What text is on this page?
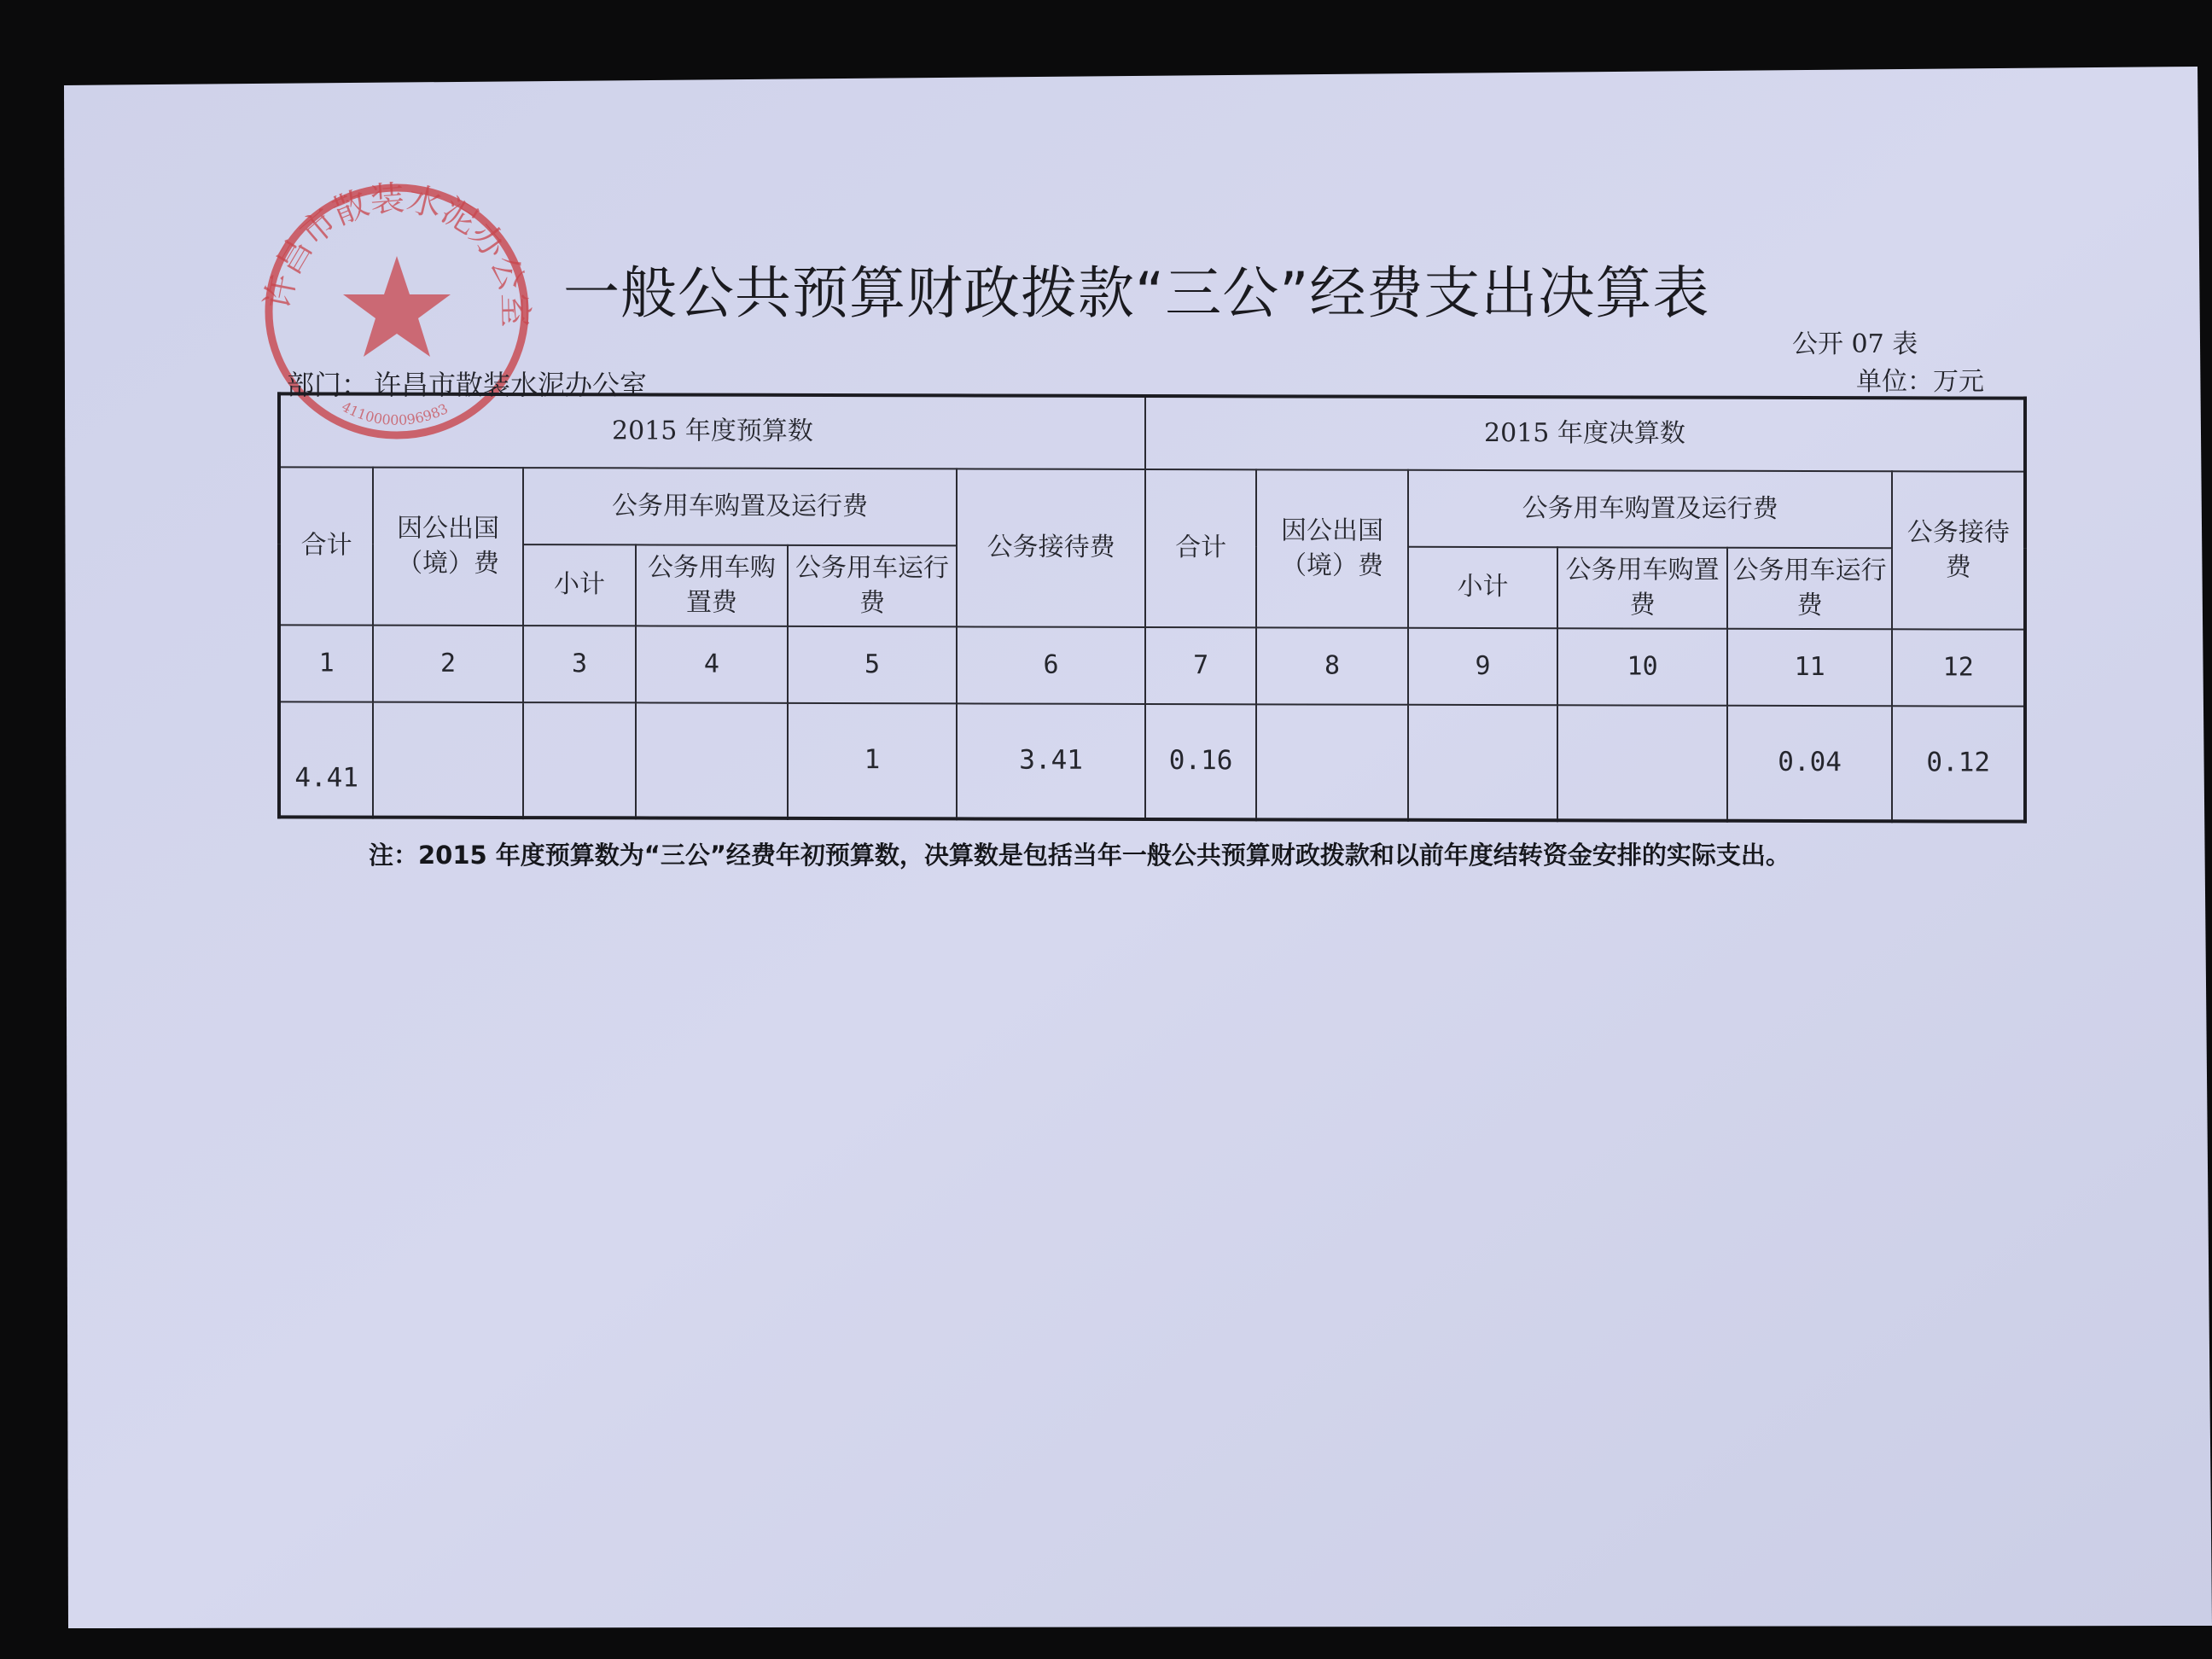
许昌市散装水泥办公室
4110000096983
一般公共预算财政拨款“三公”经费支出决算表
公开 07 表
单位：万元
部门： 许昌市散装水泥办公室
2015 年度预算数						2015 年度决算数					
合计	因公出国（境）费	公务用车购置及运行费			公务接待费	合计	因公出国（境）费	公务用车购置及运行费			公务接待费
		小计	公务用车购置费	公务用车运行费				小计	公务用车购置费	公务用车运行费	
1	2	3	4	5	6	7	8	9	10	11	12
4.41				1	3.41	0.16				0.04	0.12
注：2015 年度预算数为“三公”经费年初预算数，决算数是包括当年一般公共预算财政拨款和以前年度结转资金安排的实际支出。
